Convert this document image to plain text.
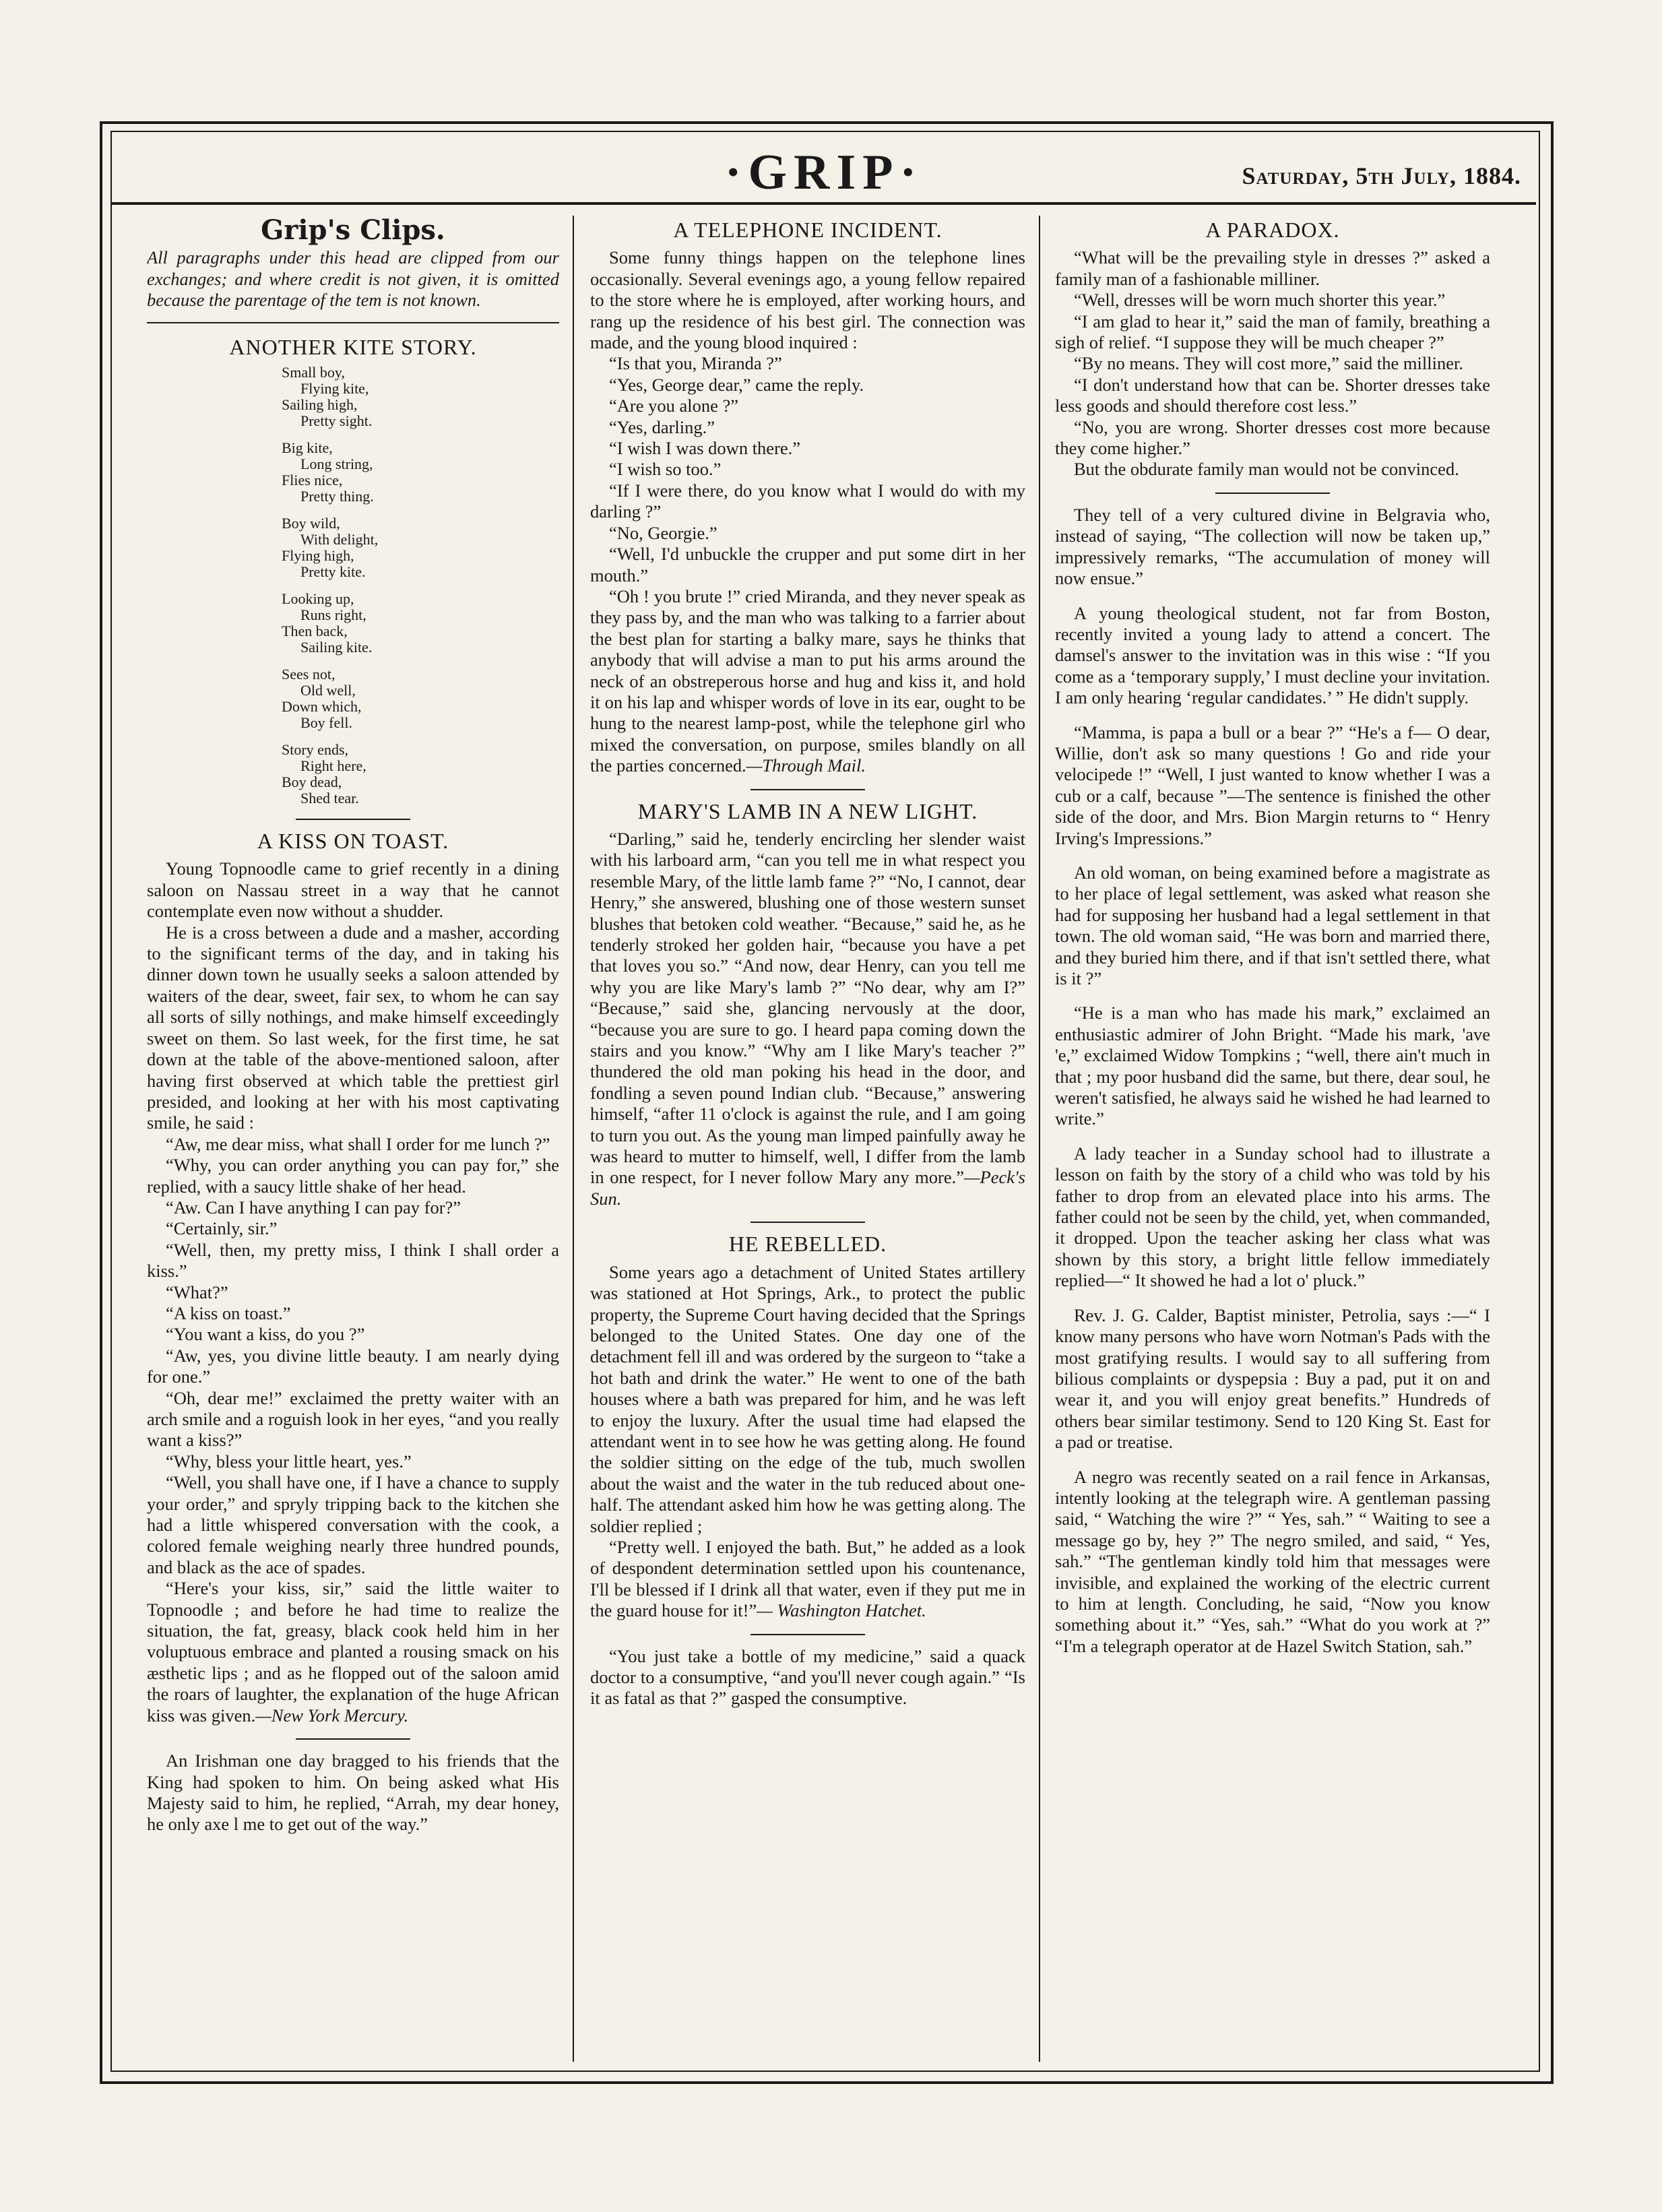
·GRIP·	Saturday, 5th July, 1884.
Grip's Clips.

All paragraphs under this head are clipped from our exchanges; and where credit is not given, it is omitted because the parentage of the tem is not known.

ANOTHER KITE STORY.
Small boy,
Flying kite,
Sailing high,
Pretty sight.
Big kite,
Long string,
Flies nice,
Pretty thing.
Boy wild,
With delight,
Flying high,
Pretty kite.
Looking up,
Runs right,
Then back,
Sailing kite.
Sees not,
Old well,
Down which,
Boy fell.
Story ends,
Right here,
Boy dead,
Shed tear.
A KISS ON TOAST.

Young Topnoodle came to grief recently in a dining saloon on Nassau street in a way that he cannot contemplate even now without a shudder.

He is a cross between a dude and a masher, according to the significant terms of the day, and in taking his dinner down town he usually seeks a saloon attended by waiters of the dear, sweet, fair sex, to whom he can say all sorts of silly nothings, and make himself exceedingly sweet on them. So last week, for the first time, he sat down at the table of the above-mentioned saloon, after having first observed at which table the prettiest girl presided, and looking at her with his most captivating smile, he said :

“Aw, me dear miss, what shall I order for me lunch ?”

“Why, you can order anything you can pay for,” she replied, with a saucy little shake of her head.

“Aw. Can I have anything I can pay for?”

“Certainly, sir.”

“Well, then, my pretty miss, I think I shall order a kiss.”

“What?”

“A kiss on toast.”

“You want a kiss, do you ?”

“Aw, yes, you divine little beauty. I am nearly dying for one.”

“Oh, dear me!” exclaimed the pretty waiter with an arch smile and a roguish look in her eyes, “and you really want a kiss?”

“Why, bless your little heart, yes.”

“Well, you shall have one, if I have a chance to supply your order,” and spryly tripping back to the kitchen she had a little whispered conversation with the cook, a colored female weighing nearly three hundred pounds, and black as the ace of spades.

“Here's your kiss, sir,” said the little waiter to Topnoodle ; and before he had time to realize the situation, the fat, greasy, black cook held him in her voluptuous embrace and planted a rousing smack on his æsthetic lips ; and as he flopped out of the saloon amid the roars of laughter, the explanation of the huge African kiss was given.—New York Mercury.

An Irishman one day bragged to his friends that the King had spoken to him. On being asked what His Majesty said to him, he replied, “Arrah, my dear honey, he only axe l me to get out of the way.”

A TELEPHONE INCIDENT.

Some funny things happen on the telephone lines occasionally. Several evenings ago, a young fellow repaired to the store where he is employed, after working hours, and rang up the residence of his best girl. The connection was made, and the young blood inquired :

“Is that you, Miranda ?”

“Yes, George dear,” came the reply.

“Are you alone ?”

“Yes, darling.”

“I wish I was down there.”

“I wish so too.”

“If I were there, do you know what I would do with my darling ?”

“No, Georgie.”

“Well, I'd unbuckle the crupper and put some dirt in her mouth.”

“Oh ! you brute !” cried Miranda, and they never speak as they pass by, and the man who was talking to a farrier about the best plan for starting a balky mare, says he thinks that anybody that will advise a man to put his arms around the neck of an obstreperous horse and hug and kiss it, and hold it on his lap and whisper words of love in its ear, ought to be hung to the nearest lamp-post, while the telephone girl who mixed the conversation, on purpose, smiles blandly on all the parties concerned.—Through Mail.

MARY'S LAMB IN A NEW LIGHT.

“Darling,” said he, tenderly encircling her slender waist with his larboard arm, “can you tell me in what respect you resemble Mary, of the little lamb fame ?” “No, I cannot, dear Henry,” she answered, blushing one of those western sunset blushes that betoken cold weather. “Because,” said he, as he tenderly stroked her golden hair, “because you have a pet that loves you so.” “And now, dear Henry, can you tell me why you are like Mary's lamb ?” “No dear, why am I?” “Because,” said she, glancing nervously at the door, “because you are sure to go. I heard papa coming down the stairs and you know.” “Why am I like Mary's teacher ?” thundered the old man poking his head in the door, and fondling a seven pound Indian club. “Because,” answering himself, “after 11 o'clock is against the rule, and I am going to turn you out. As the young man limped painfully away he was heard to mutter to himself, well, I differ from the lamb in one respect, for I never follow Mary any more.”—Peck's Sun.

HE REBELLED.

Some years ago a detachment of United States artillery was stationed at Hot Springs, Ark., to protect the public property, the Supreme Court having decided that the Springs belonged to the United States. One day one of the detachment fell ill and was ordered by the surgeon to “take a hot bath and drink the water.” He went to one of the bath houses where a bath was prepared for him, and he was left to enjoy the luxury. After the usual time had elapsed the attendant went in to see how he was getting along. He found the soldier sitting on the edge of the tub, much swollen about the waist and the water in the tub reduced about one-half. The attendant asked him how he was getting along. The soldier replied ;

“Pretty well. I enjoyed the bath. But,” he added as a look of despondent determination settled upon his countenance, I'll be blessed if I drink all that water, even if they put me in the guard house for it!”— Washington Hatchet.

“You just take a bottle of my medicine,” said a quack doctor to a consumptive, “and you'll never cough again.” “Is it as fatal as that ?” gasped the consumptive.

A PARADOX.

“What will be the prevailing style in dresses ?” asked a family man of a fashionable milliner.

“Well, dresses will be worn much shorter this year.”

“I am glad to hear it,” said the man of family, breathing a sigh of relief. “I suppose they will be much cheaper ?”

“By no means. They will cost more,” said the milliner.

“I don't understand how that can be. Shorter dresses take less goods and should therefore cost less.”

“No, you are wrong. Shorter dresses cost more because they come higher.”

But the obdurate family man would not be convinced.

They tell of a very cultured divine in Belgravia who, instead of saying, “The collection will now be taken up,” impressively remarks, “The accumulation of money will now ensue.”

A young theological student, not far from Boston, recently invited a young lady to attend a concert. The damsel's answer to the invitation was in this wise : “If you come as a ‘temporary supply,’ I must decline your invitation. I am only hearing ‘regular candidates.’ ” He didn't supply.

“Mamma, is papa a bull or a bear ?” “He's a f— O dear, Willie, don't ask so many questions ! Go and ride your velocipede !” “Well, I just wanted to know whether I was a cub or a calf, because ”—The sentence is finished the other side of the door, and Mrs. Bion Margin returns to “ Henry Irving's Impressions.”

An old woman, on being examined before a magistrate as to her place of legal settlement, was asked what reason she had for supposing her husband had a legal settlement in that town. The old woman said, “He was born and married there, and they buried him there, and if that isn't settled there, what is it ?”

“He is a man who has made his mark,” exclaimed an enthusiastic admirer of John Bright. “Made his mark, 'ave 'e,” exclaimed Widow Tompkins ; “well, there ain't much in that ; my poor husband did the same, but there, dear soul, he weren't satisfied, he always said he wished he had learned to write.”

A lady teacher in a Sunday school had to illustrate a lesson on faith by the story of a child who was told by his father to drop from an elevated place into his arms. The father could not be seen by the child, yet, when commanded, it dropped. Upon the teacher asking her class what was shown by this story, a bright little fellow immediately replied—“ It showed he had a lot o' pluck.”

Rev. J. G. Calder, Baptist minister, Petrolia, says :—“ I know many persons who have worn Notman's Pads with the most gratifying results. I would say to all suffering from bilious complaints or dyspepsia : Buy a pad, put it on and wear it, and you will enjoy great benefits.” Hundreds of others bear similar testimony. Send to 120 King St. East for a pad or treatise.

A negro was recently seated on a rail fence in Arkansas, intently looking at the telegraph wire. A gentleman passing said, “ Watching the wire ?” “ Yes, sah.” “ Waiting to see a message go by, hey ?” The negro smiled, and said, “ Yes, sah.” “The gentleman kindly told him that messages were invisible, and explained the working of the electric current to him at length. Concluding, he said, “Now you know something about it.” “Yes, sah.” “What do you work at ?” “I'm a telegraph operator at de Hazel Switch Station, sah.”
